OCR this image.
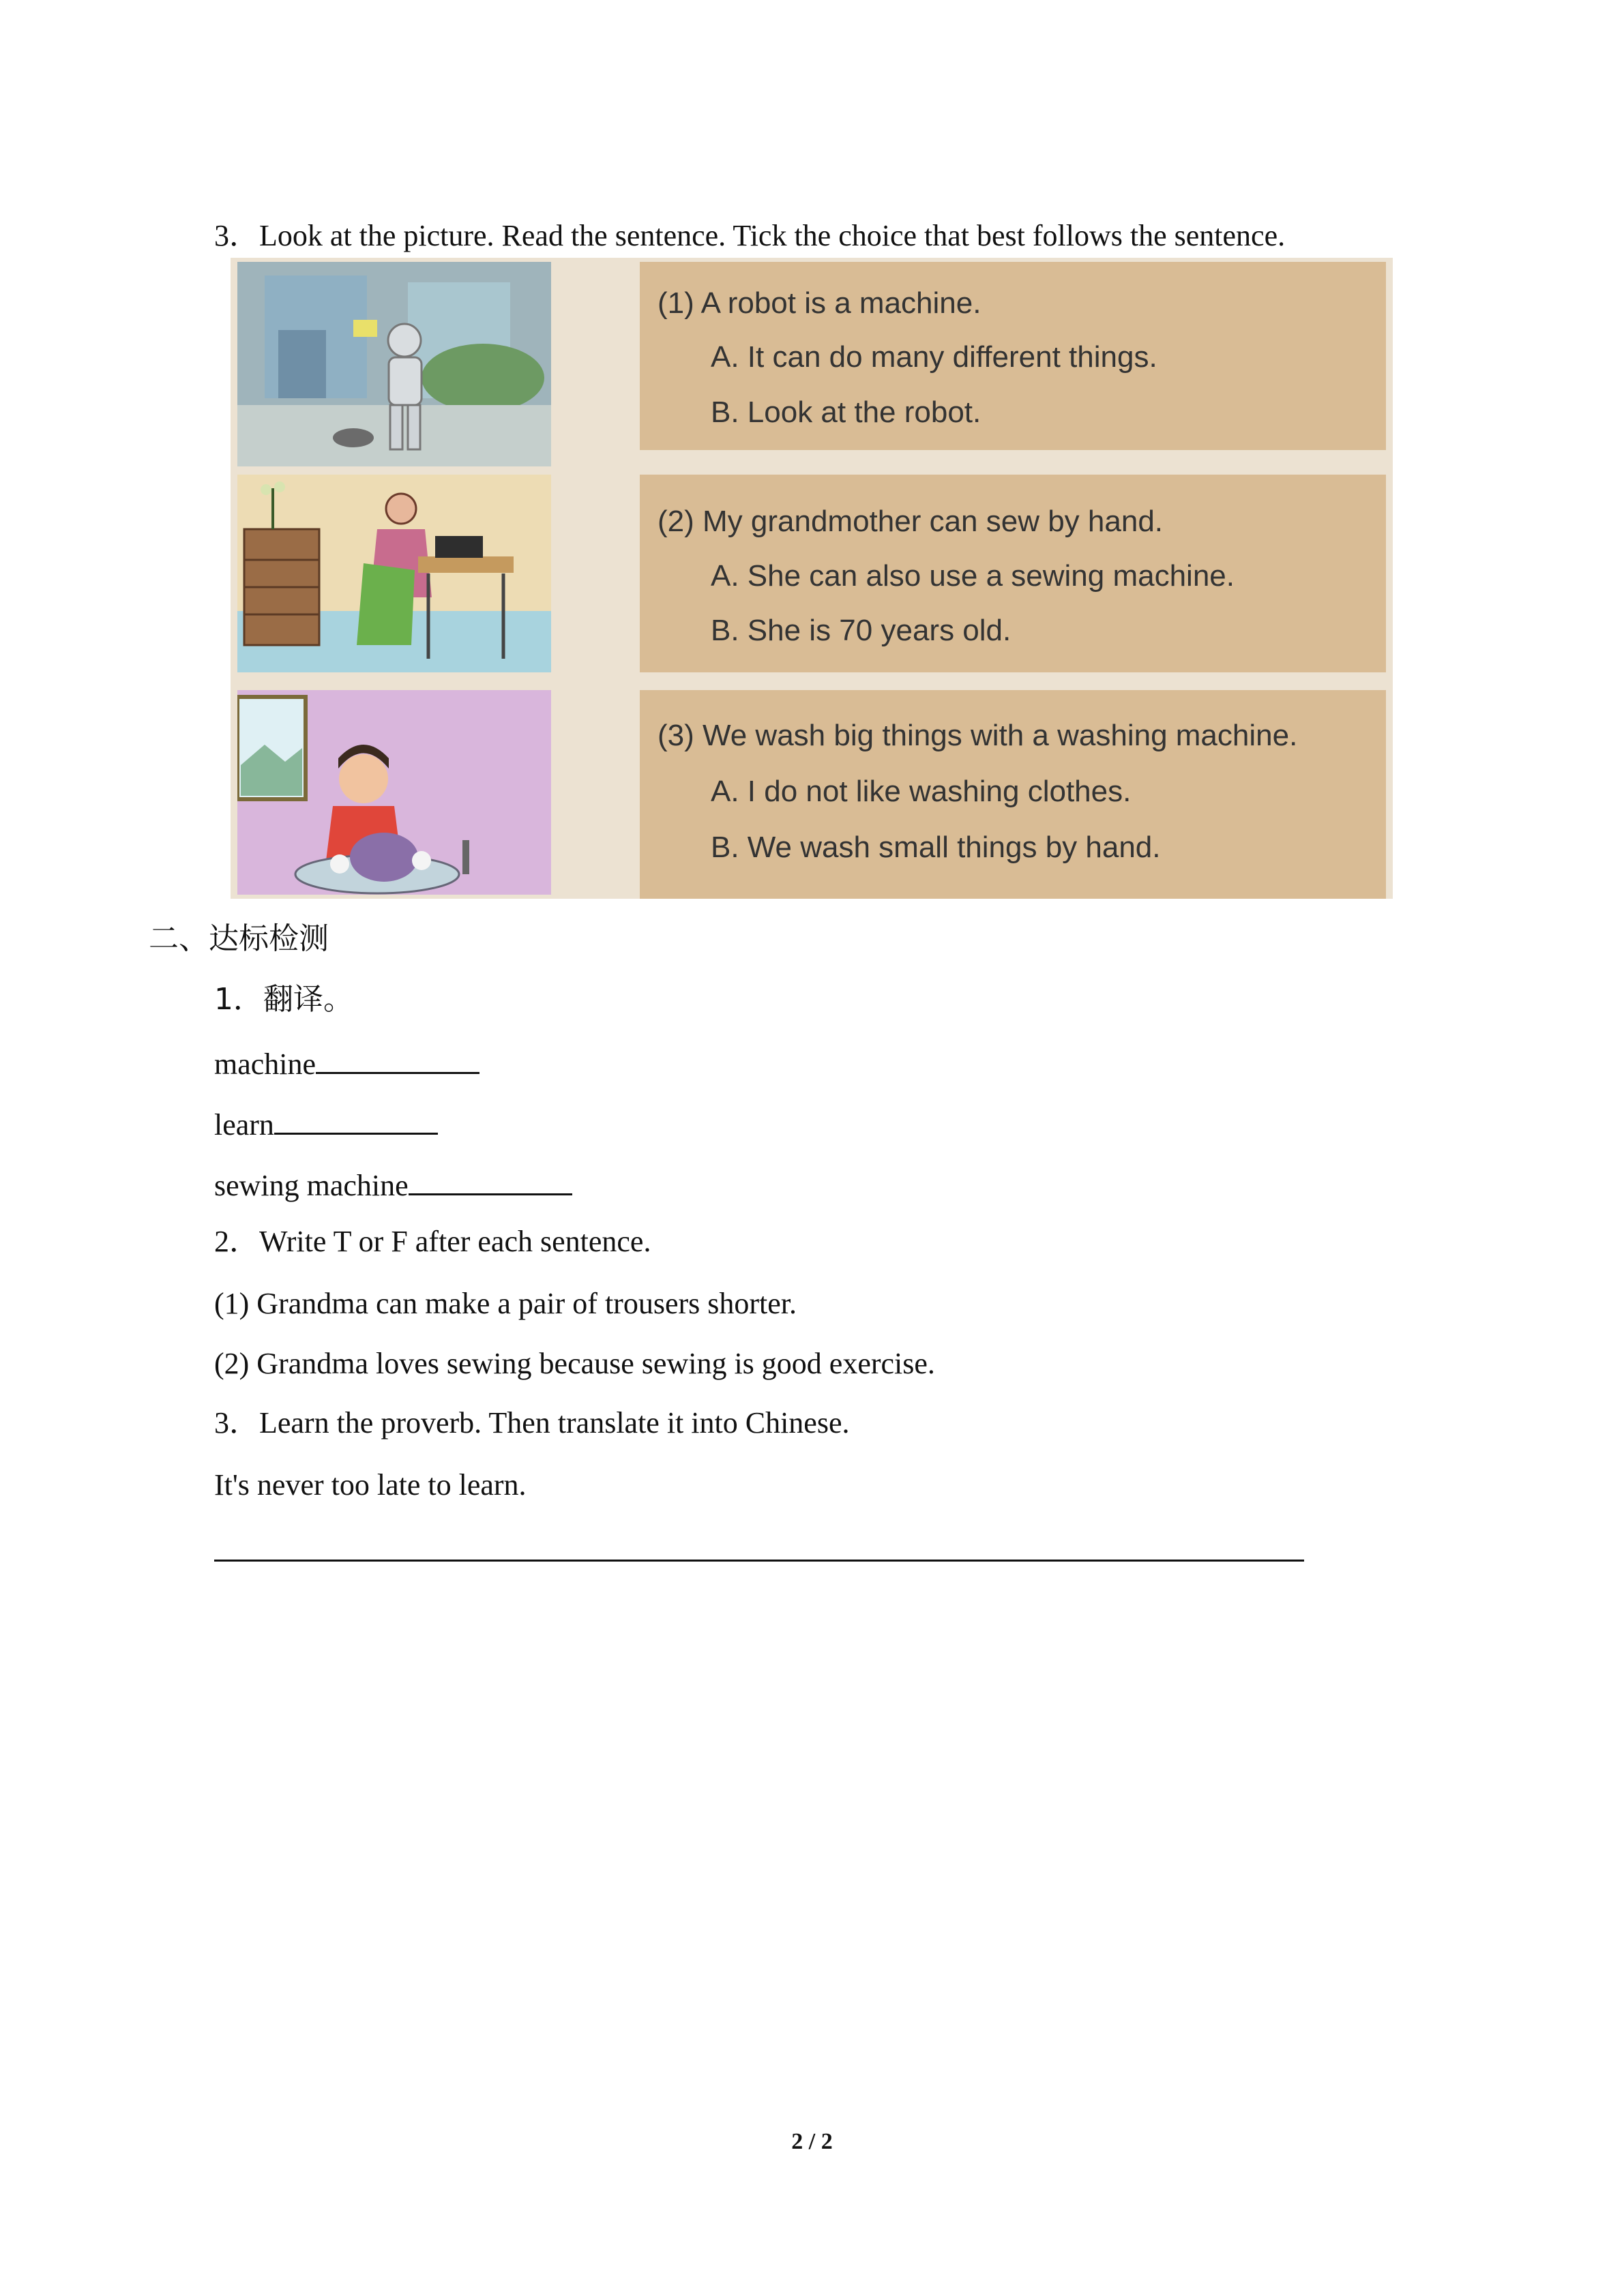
3．Look at the picture. Read the sentence. Tick the choice that best follows the sentence.
(1) A robot is a machine.
A. It can do many different things.
B. Look at the robot.
(2) My grandmother can sew by hand.
A. She can also use a sewing machine.
B. She is 70 years old.
(3) We wash big things with a washing machine.
A. I do not like washing clothes.
B. We wash small things by hand.
二、达标检测
1．翻译。
machine
learn
sewing machine
2．Write T or F after each sentence.
(1) Grandma can make a pair of trousers shorter.
(2) Grandma loves sewing because sewing is good exercise.
3．Learn the proverb. Then translate it into Chinese.
It's never too late to learn.
2 / 2
